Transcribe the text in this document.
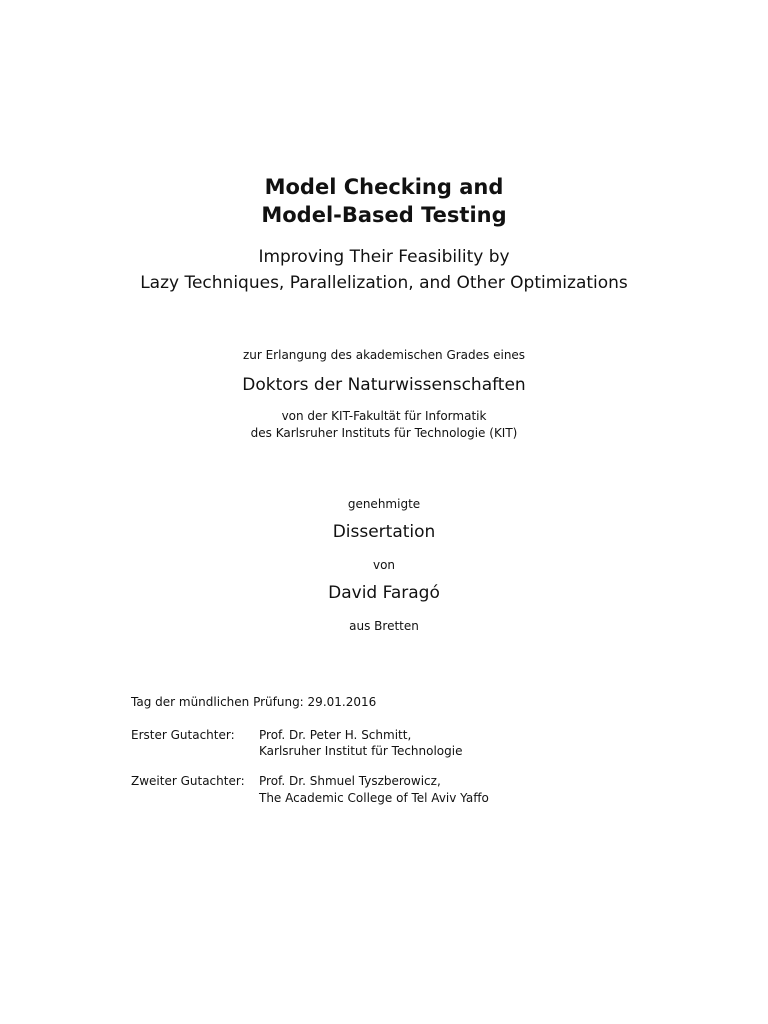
Model Checking and
Model-Based Testing
Improving Their Feasibility by
Lazy Techniques, Parallelization, and Other Optimizations
zur Erlangung des akademischen Grades eines
Doktors der Naturwissenschaften
von der KIT-Fakultät für Informatik
des Karlsruher Instituts für Technologie (KIT)
genehmigte
Dissertation
von
David Faragó
aus Bretten
Tag der mündlichen Prüfung: 29.01.2016
Erster Gutachter: Prof. Dr. Peter H. Schmitt,
Karlsruher Institut für Technologie
Zweiter Gutachter: Prof. Dr. Shmuel Tyszberowicz,
The Academic College of Tel Aviv Yaffo
